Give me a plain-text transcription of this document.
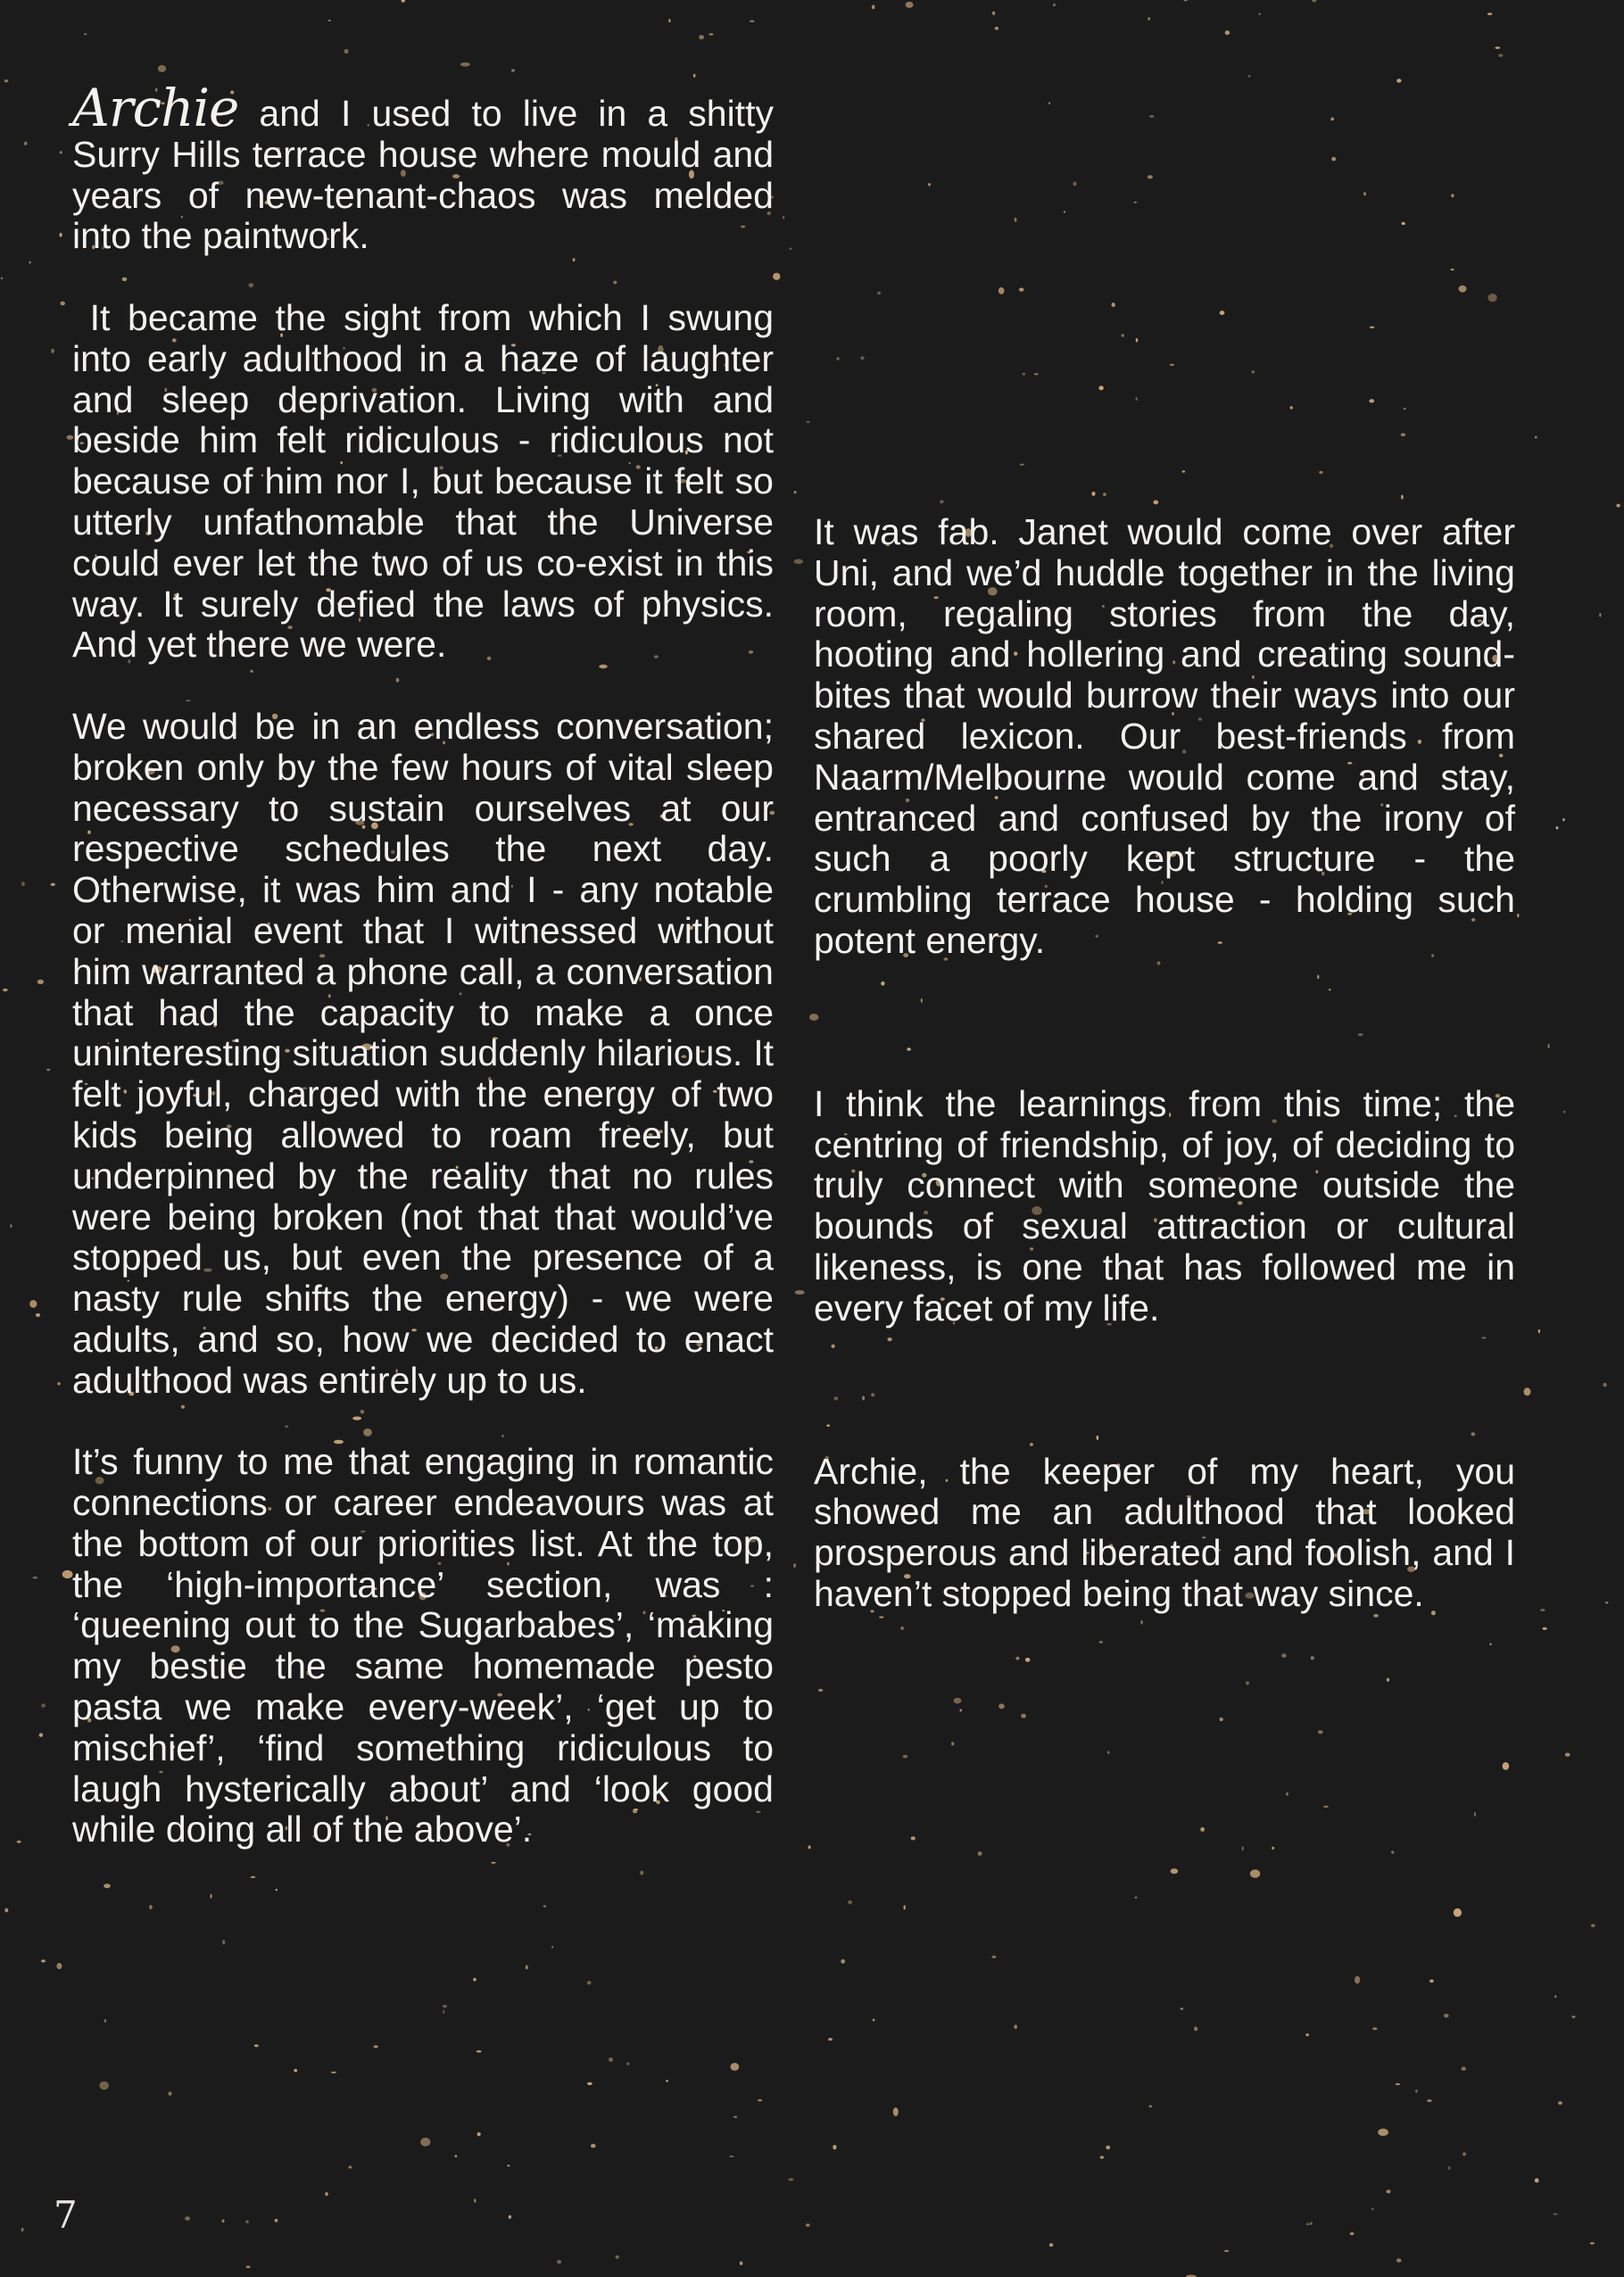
Archie and I used to live in a shitty Surry Hills terrace house where mould and years of new-tenant-chaos was melded into the paintwork.

It became the sight from which I swung into early adulthood in a haze of laughter and sleep deprivation. Living with and beside him felt ridiculous - ridiculous not because of him nor I, but because it felt so utterly unfathomable that the Universe could ever let the two of us co-exist in this way. It surely defied the laws of physics. And yet there we were.

We would be in an endless conversation; broken only by the few hours of vital sleep necessary to sustain ourselves at our respective schedules the next day. Otherwise, it was him and I - any notable or menial event that I witnessed without him warranted a phone call, a conversation that had the capacity to make a once uninteresting situation suddenly hilarious. It felt joyful, charged with the energy of two kids being allowed to roam freely, but underpinned by the reality that no rules were being broken (not that that would’ve stopped us, but even the presence of a nasty rule shifts the energy) - we were adults, and so, how we decided to enact adulthood was entirely up to us.

It’s funny to me that engaging in romantic connections or career endeavours was at the bottom of our priorities list. At the top, the ‘high-importance’ section, was : ‘queening out to the Sugarbabes’, ‘making my bestie the same homemade pesto pasta we make every-week’, ‘get up to mischief’, ‘find something ridiculous to laugh hysterically about’ and ‘look good while doing all of the above’.

It was fab. Janet would come over after Uni, and we’d huddle together in the living room, regaling stories from the day, hooting and hollering and creating sound-bites that would burrow their ways into our shared lexicon. Our best-friends from Naarm/Melbourne would come and stay, entranced and confused by the irony of such a poorly kept structure - the crumbling terrace house - holding such potent energy.

I think the learnings from this time; the centring of friendship, of joy, of deciding to truly connect with someone outside the bounds of sexual attraction or cultural likeness, is one that has followed me in every facet of my life.

Archie, the keeper of my heart, you showed me an adulthood that looked prosperous and liberated and foolish, and I haven’t stopped being that way since.

7
